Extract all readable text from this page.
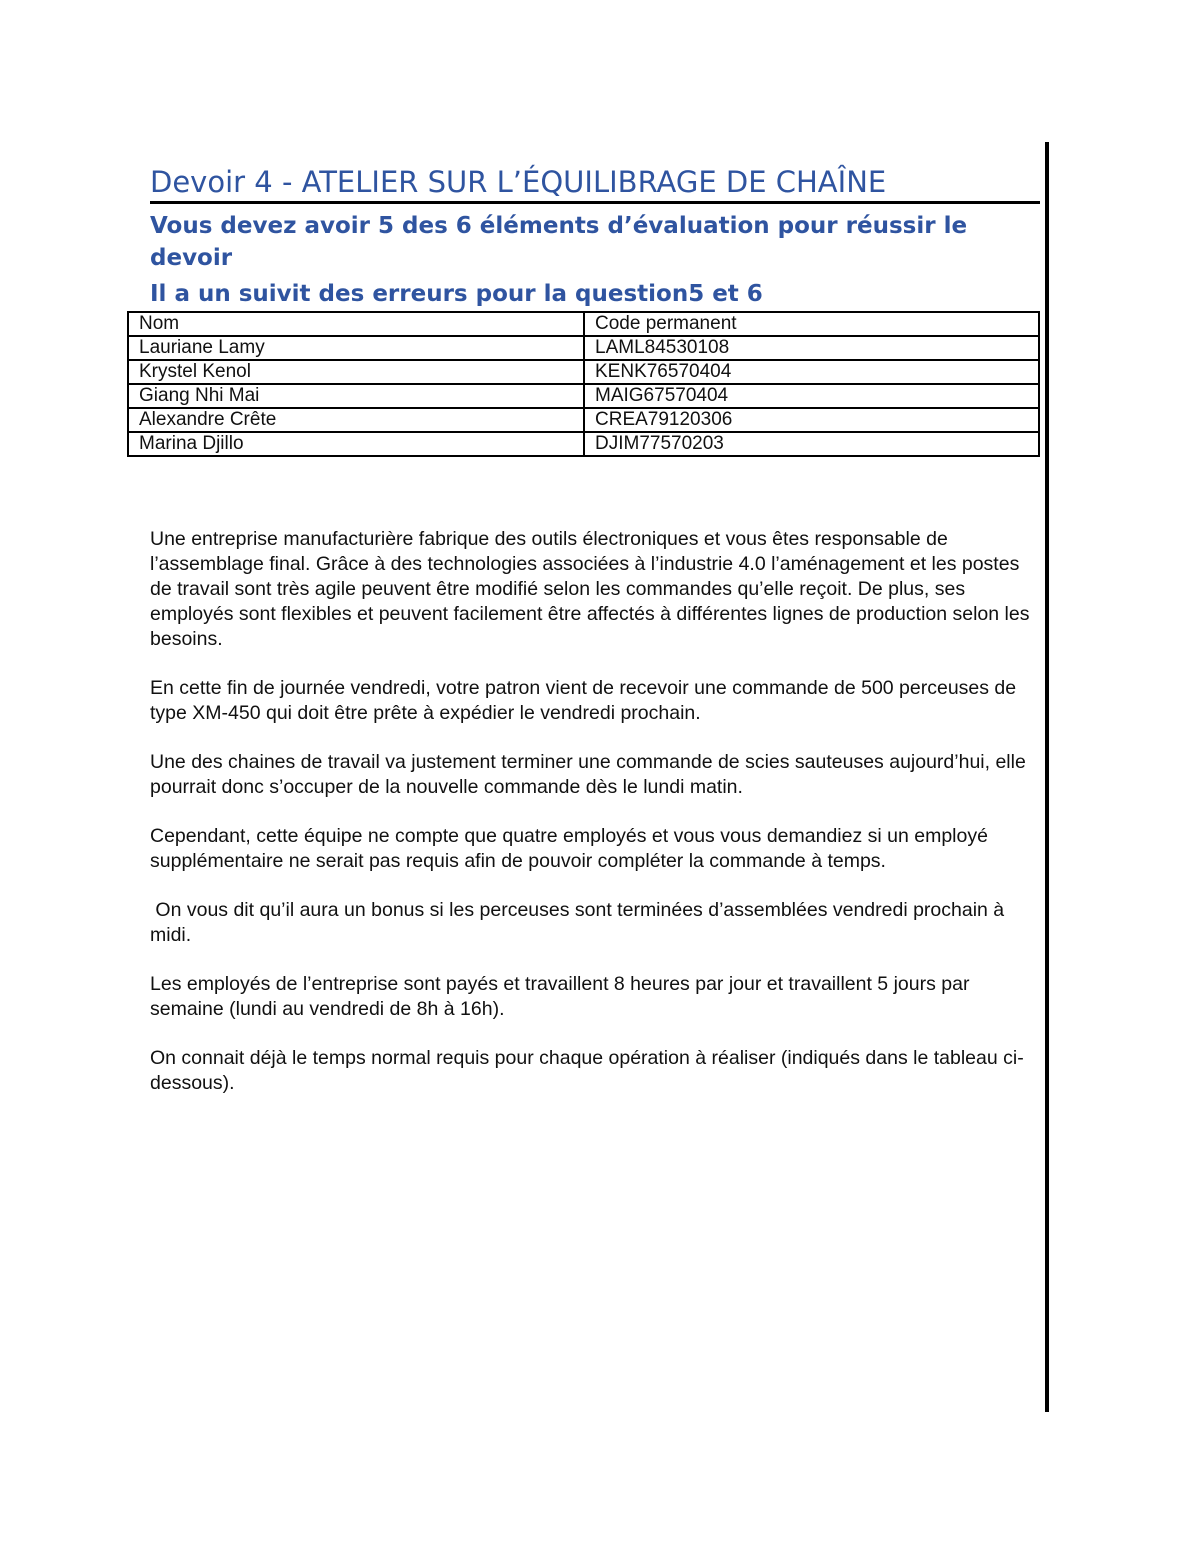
Devoir 4 - ATELIER SUR L’ÉQUILIBRAGE DE CHAÎNE
Vous devez avoir 5 des 6 éléments d’évaluation pour réussir le devoir
Il a un suivit des erreurs pour la question5 et 6
Nom	Code permanent
Lauriane Lamy	LAML84530108
Krystel Kenol	KENK76570404
Giang Nhi Mai	MAIG67570404
Alexandre Crête	CREA79120306
Marina Djillo	DJIM77570203

Une entreprise manufacturière fabrique des outils électroniques et vous êtes responsable de l’assemblage final. Grâce à des technologies associées à l’industrie 4.0 l’aménagement et les postes de travail sont très agile peuvent être modifié selon les commandes qu’elle reçoit. De plus, ses employés sont flexibles et peuvent facilement être affectés à différentes lignes de production selon les besoins.

En cette fin de journée vendredi, votre patron vient de recevoir une commande de 500 perceuses de type XM-450 qui doit être prête à expédier le vendredi prochain.

Une des chaines de travail va justement terminer une commande de scies sauteuses aujourd’hui, elle pourrait donc s’occuper de la nouvelle commande dès le lundi matin.

Cependant, cette équipe ne compte que quatre employés et vous vous demandiez si un employé supplémentaire ne serait pas requis afin de pouvoir compléter la commande à temps.

On vous dit qu’il aura un bonus si les perceuses sont terminées d’assemblées vendredi prochain à midi.

Les employés de l’entreprise sont payés et travaillent 8 heures par jour et travaillent 5 jours par semaine (lundi au vendredi de 8h à 16h).

On connait déjà le temps normal requis pour chaque opération à réaliser (indiqués dans le tableau ci-dessous).
